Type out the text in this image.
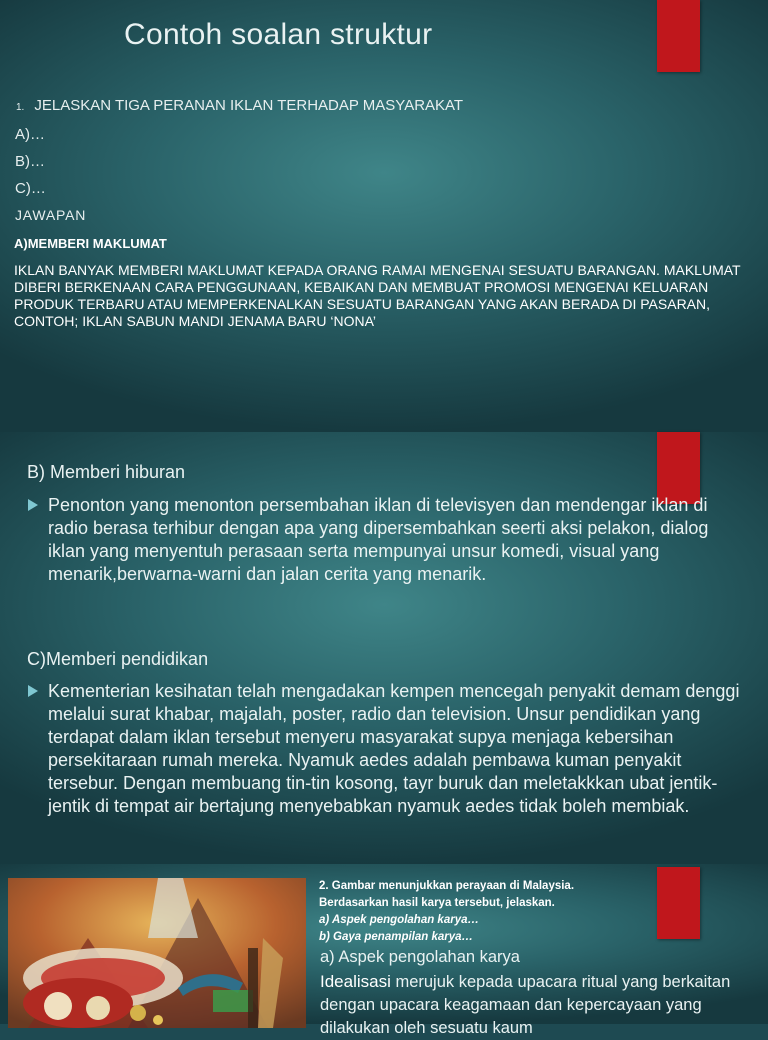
Contoh soalan struktur
1. JELASKAN TIGA PERANAN IKLAN TERHADAP MASYARAKAT
A)…
B)…
C)…
JAWAPAN
A)MEMBERI MAKLUMAT
IKLAN BANYAK MEMBERI MAKLUMAT KEPADA ORANG RAMAI MENGENAI SESUATU BARANGAN. MAKLUMAT DIBERI BERKENAAN CARA PENGGUNAAN, KEBAIKAN DAN MEMBUAT PROMOSI MENGENAI KELUARAN PRODUK TERBARU ATAU MEMPERKENALKAN SESUATU BARANGAN YANG AKAN BERADA DI PASARAN, CONTOH; IKLAN SABUN MANDI JENAMA BARU ‘NONA’
B) Memberi hiburan
Penonton yang menonton persembahan iklan di televisyen dan mendengar iklan di radio berasa terhibur dengan apa yang dipersembahkan seerti aksi pelakon, dialog iklan yang menyentuh perasaan serta mempunyai unsur komedi, visual yang menarik,berwarna-warni dan jalan cerita yang menarik.
C)Memberi pendidikan
Kementerian kesihatan telah mengadakan kempen mencegah penyakit demam denggi melalui surat khabar, majalah, poster, radio dan television. Unsur pendidikan yang terdapat dalam iklan tersebut menyeru masyarakat supya menjaga kebersihan persekitaraan rumah mereka. Nyamuk aedes adalah pembawa kuman penyakit tersebur. Dengan membuang tin-tin kosong, tayr buruk dan meletakkkan ubat jentik-jentik di tempat air bertajung menyebabkan nyamuk aedes tidak boleh membiak.
2. Gambar menunjukkan perayaan di Malaysia.
Berdasarkan hasil karya tersebut, jelaskan.
a) Aspek pengolahan karya…
b) Gaya penampilan karya…
a) Aspek pengolahan karya
Idealisasi merujuk kepada upacara ritual yang berkaitan dengan upacara keagamaan dan kepercayaan yang dilakukan oleh sesuatu kaum
